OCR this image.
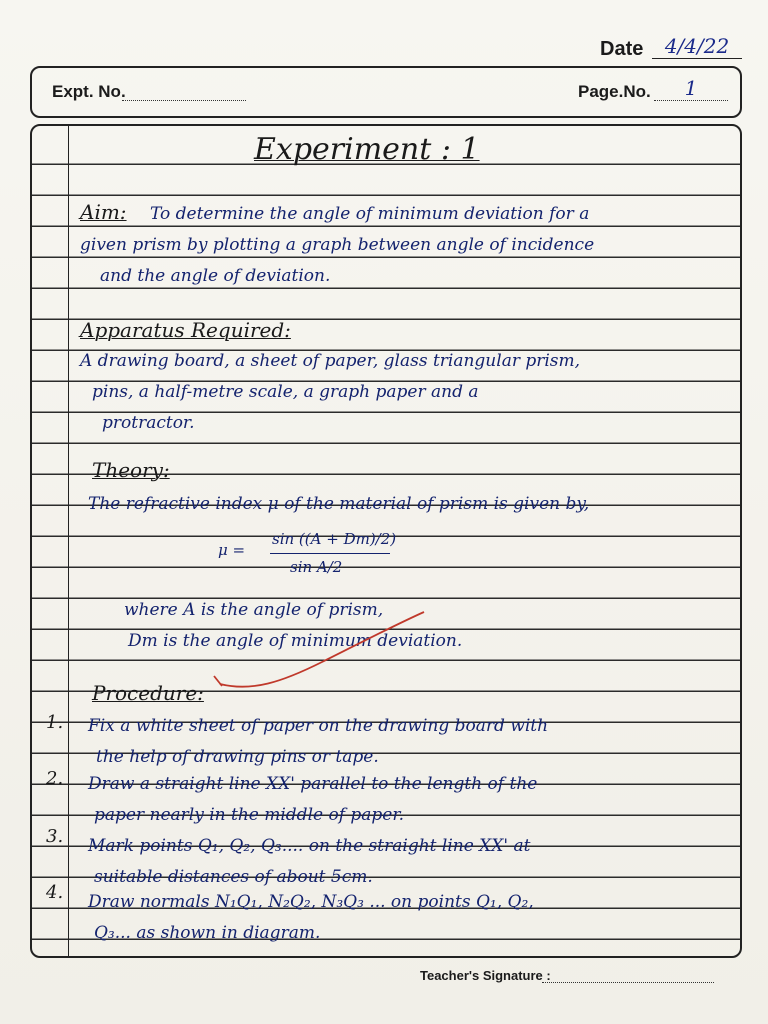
Date	4/4/22
Expt. No.	Page.No.	1
Experiment : 1
Aim: To determine the angle of minimum deviation for a
given prism by plotting a graph between angle of incidence
and the angle of deviation.
Apparatus Required:
A drawing board, a sheet of paper, glass triangular prism,
pins, a half-metre scale, a graph paper and a
protractor.
Theory:
The refractive index μ of the material of prism is given by,
μ =
sin ((A + Dm)/2)
sin A/2
where A is the angle of prism,
Dm is the angle of minimum deviation.
Procedure:
1. Fix a white sheet of paper on the drawing board with
the help of drawing pins or tape.
2. Draw a straight line XX' parallel to the length of the
paper nearly in the middle of paper.
3. Mark points Q₁, Q₂, Q₃.... on the straight line XX' at
suitable distances of about 5cm.
4. Draw normals N₁Q₁, N₂Q₂, N₃Q₃ ... on points Q₁, Q₂,
Q₃... as shown in diagram.
Teacher's Signature :
